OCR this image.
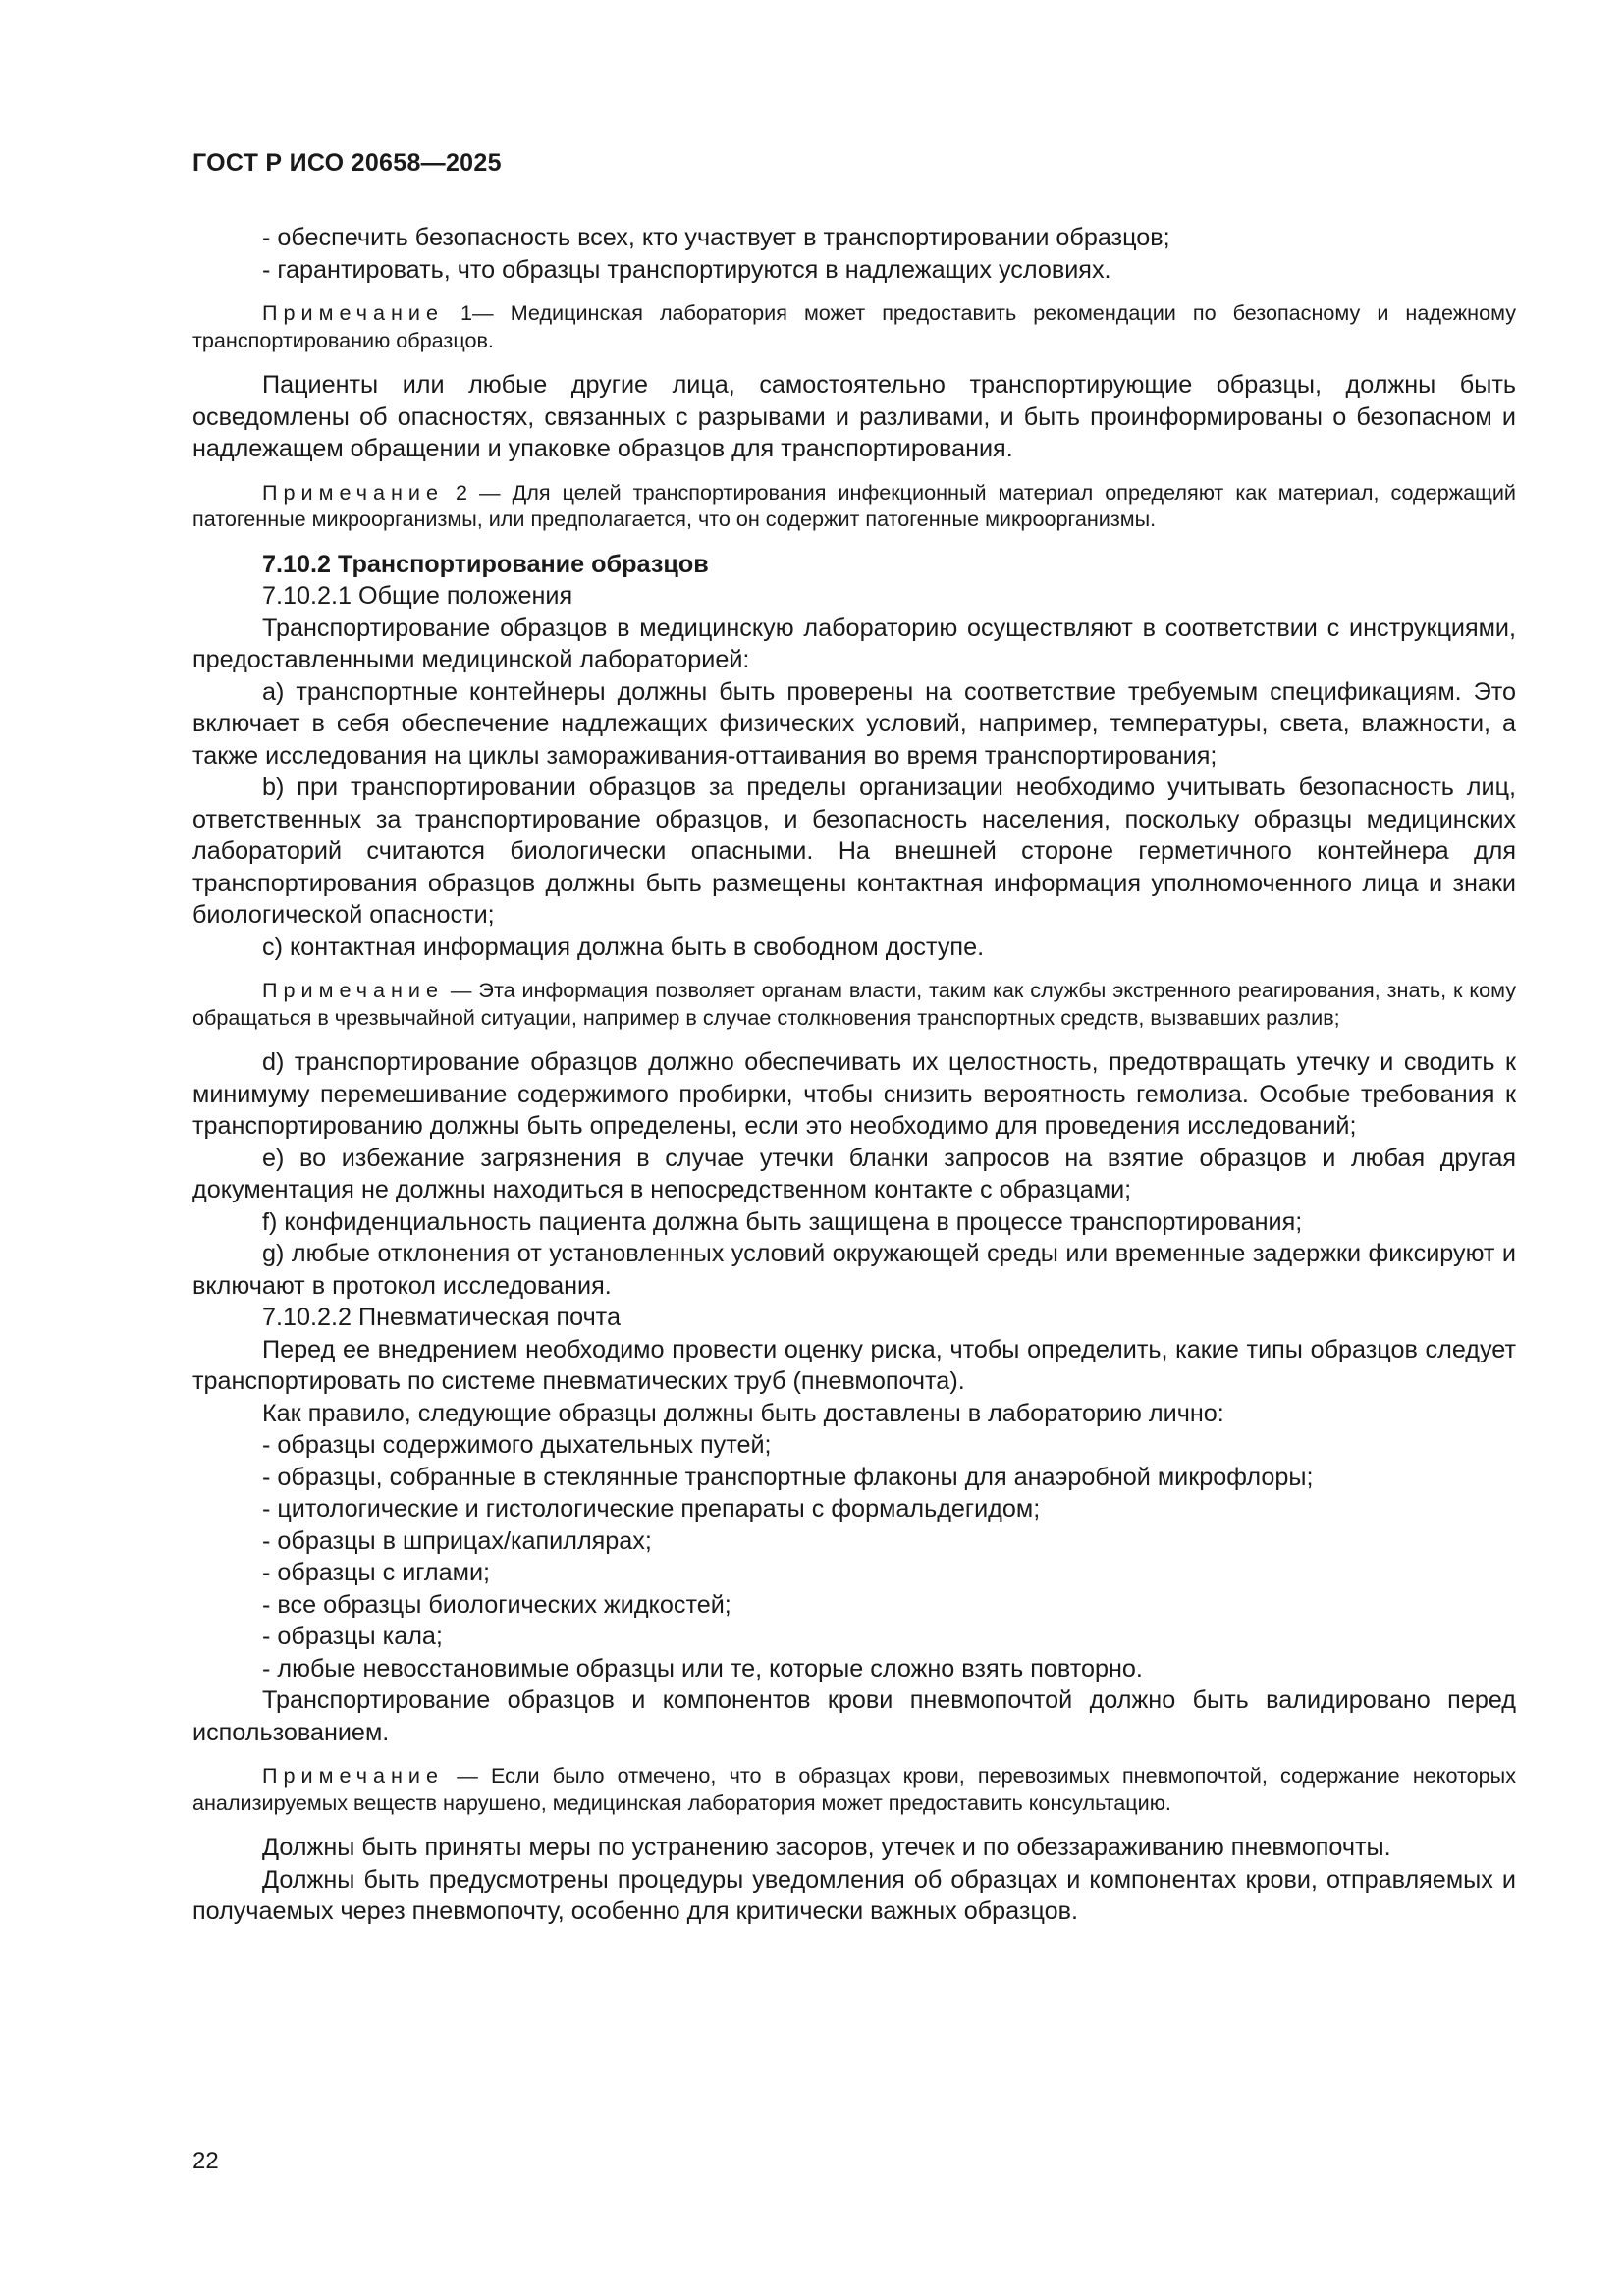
ГОСТ Р ИСО 20658—2025

- обеспечить безопасность всех, кто участвует в транспортировании образцов;

- гарантировать, что образцы транспортируются в надлежащих условиях.

Примечание 1— Медицинская лаборатория может предоставить рекомендации по безопасному и надежному транспортированию образцов.

Пациенты или любые другие лица, самостоятельно транспортирующие образцы, должны быть осведомлены об опасностях, связанных с разрывами и разливами, и быть проинформированы о безопасном и надлежащем обращении и упаковке образцов для транспортирования.

Примечание 2 — Для целей транспортирования инфекционный материал определяют как материал, содержащий патогенные микроорганизмы, или предполагается, что он содержит патогенные микроорганизмы.

7.10.2 Транспортирование образцов

7.10.2.1 Общие положения

Транспортирование образцов в медицинскую лабораторию осуществляют в соответствии с инструкциями, предоставленными медицинской лабораторией:

a) транспортные контейнеры должны быть проверены на соответствие требуемым спецификациям. Это включает в себя обеспечение надлежащих физических условий, например, температуры, света, влажности, а также исследования на циклы замораживания-оттаивания во время транспортирования;

b) при транспортировании образцов за пределы организации необходимо учитывать безопасность лиц, ответственных за транспортирование образцов, и безопасность населения, поскольку образцы медицинских лабораторий считаются биологически опасными. На внешней стороне герметичного контейнера для транспортирования образцов должны быть размещены контактная информация уполномоченного лица и знаки биологической опасности;

c) контактная информация должна быть в свободном доступе.

Примечание — Эта информация позволяет органам власти, таким как службы экстренного реагирования, знать, к кому обращаться в чрезвычайной ситуации, например в случае столкновения транспортных средств, вызвавших разлив;

d) транспортирование образцов должно обеспечивать их целостность, предотвращать утечку и сводить к минимуму перемешивание содержимого пробирки, чтобы снизить вероятность гемолиза. Особые требования к транспортированию должны быть определены, если это необходимо для проведения исследований;

e) во избежание загрязнения в случае утечки бланки запросов на взятие образцов и любая другая документация не должны находиться в непосредственном контакте с образцами;

f) конфиденциальность пациента должна быть защищена в процессе транспортирования;

g) любые отклонения от установленных условий окружающей среды или временные задержки фиксируют и включают в протокол исследования.

7.10.2.2 Пневматическая почта

Перед ее внедрением необходимо провести оценку риска, чтобы определить, какие типы образцов следует транспортировать по системе пневматических труб (пневмопочта).

Как правило, следующие образцы должны быть доставлены в лабораторию лично:

- образцы содержимого дыхательных путей;

- образцы, собранные в стеклянные транспортные флаконы для анаэробной микрофлоры;

- цитологические и гистологические препараты с формальдегидом;

- образцы в шприцах/капиллярах;

- образцы с иглами;

- все образцы биологических жидкостей;

- образцы кала;

- любые невосстановимые образцы или те, которые сложно взять повторно.

Транспортирование образцов и компонентов крови пневмопочтой должно быть валидировано перед использованием.

Примечание — Если было отмечено, что в образцах крови, перевозимых пневмопочтой, содержание некоторых анализируемых веществ нарушено, медицинская лаборатория может предоставить консультацию.

Должны быть приняты меры по устранению засоров, утечек и по обеззараживанию пневмопочты.

Должны быть предусмотрены процедуры уведомления об образцах и компонентах крови, отправляемых и получаемых через пневмопочту, особенно для критически важных образцов.

22
